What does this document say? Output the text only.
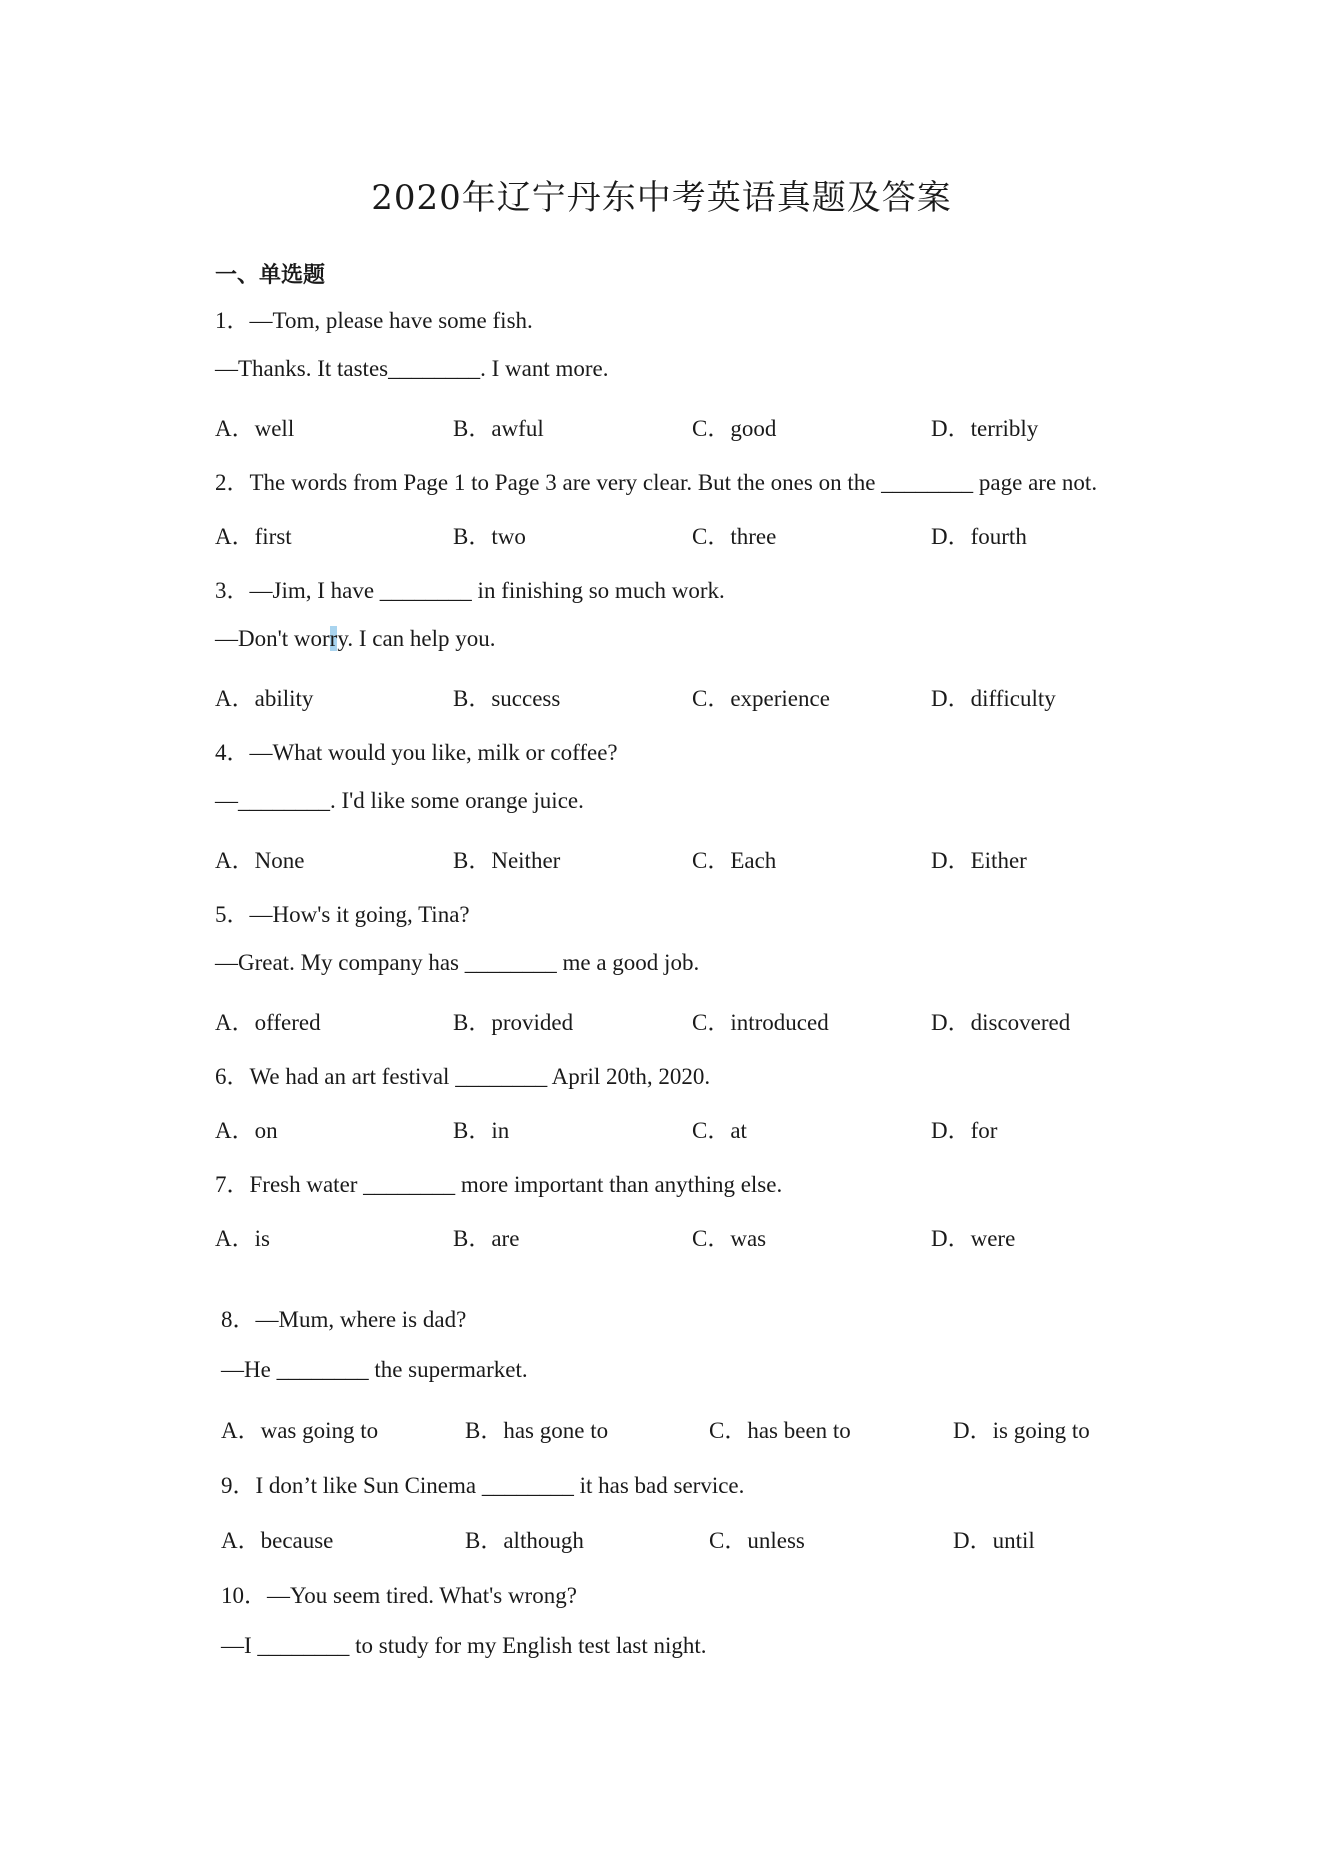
2020年辽宁丹东中考英语真题及答案
一、单选题
1．—Tom, please have some fish.
—Thanks. It tastes________. I want more.
A．well	B．awful	C．good	D．terribly
2．The words from Page 1 to Page 3 are very clear. But the ones on the ________ page are not.
A．first	B．two	C．three	D．fourth
3．—Jim, I have ________ in finishing so much work.
—Don't worry. I can help you.
A．ability	B．success	C．experience	D．difficulty
4．—What would you like, milk or coffee?
—________. I'd like some orange juice.
A．None	B．Neither	C．Each	D．Either
5．—How's it going, Tina?
—Great. My company has ________ me a good job.
A．offered	B．provided	C．introduced	D．discovered
6．We had an art festival ________ April 20th, 2020.
A．on	B．in	C．at	D．for
7．Fresh water ________ more important than anything else.
A．is	B．are	C．was	D．were
8．—Mum, where is dad?
—He ________ the supermarket.
A．was going to	B．has gone to	C．has been to	D．is going to
9．I don’t like Sun Cinema ________ it has bad service.
A．because	B．although	C．unless	D．until
10．—You seem tired. What's wrong?
—I ________ to study for my English test last night.
